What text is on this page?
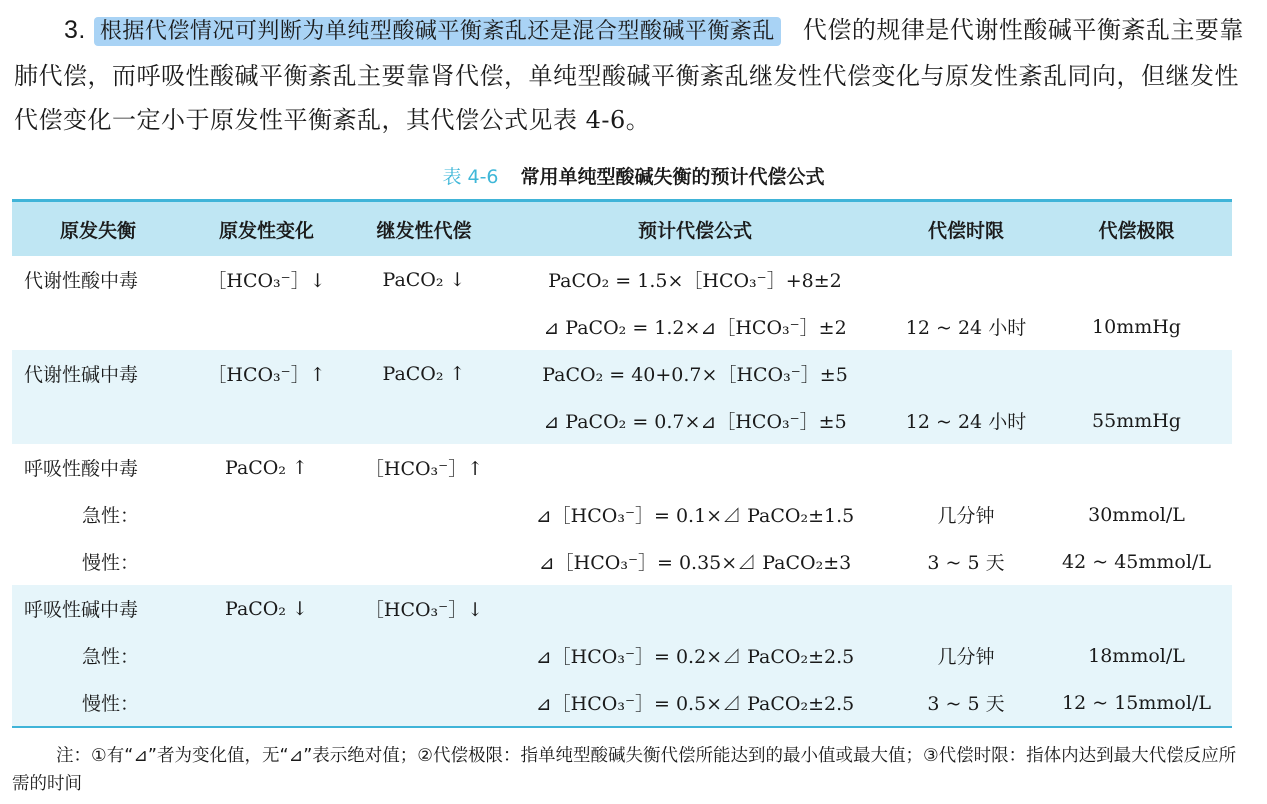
3. 根据代偿情况可判断为单纯型酸碱平衡紊乱还是混合型酸碱平衡紊乱 代偿的规律是代谢性酸碱平衡紊乱主要靠肺代偿，而呼吸性酸碱平衡紊乱主要靠肾代偿，单纯型酸碱平衡紊乱继发性代偿变化与原发性紊乱同向，但继发性代偿变化一定小于原发性平衡紊乱，其代偿公式见表 4-6。
表 4-6 常用单纯型酸碱失衡的预计代偿公式
原发失衡	原发性变化	继发性代偿	预计代偿公式	代偿时限	代偿极限
代谢性酸中毒	［HCO₃⁻］↓	PaCO₂ ↓	PaCO₂ = 1.5×［HCO₃⁻］+8±2		
			⊿ PaCO₂ = 1.2×⊿［HCO₃⁻］±2	12 ~ 24 小时	10mmHg
代谢性碱中毒	［HCO₃⁻］↑	PaCO₂ ↑	PaCO₂ = 40+0.7×［HCO₃⁻］±5		
			⊿ PaCO₂ = 0.7×⊿［HCO₃⁻］±5	12 ~ 24 小时	55mmHg
呼吸性酸中毒	PaCO₂ ↑	［HCO₃⁻］↑			
急性：			⊿［HCO₃⁻］= 0.1×⊿ PaCO₂±1.5	几分钟	30mmol/L
慢性：			⊿［HCO₃⁻］= 0.35×⊿ PaCO₂±3	3 ~ 5 天	42 ~ 45mmol/L
呼吸性碱中毒	PaCO₂ ↓	［HCO₃⁻］↓			
急性：			⊿［HCO₃⁻］= 0.2×⊿ PaCO₂±2.5	几分钟	18mmol/L
慢性：			⊿［HCO₃⁻］= 0.5×⊿ PaCO₂±2.5	3 ~ 5 天	12 ~ 15mmol/L
注：①有“⊿”者为变化值，无“⊿”表示绝对值；②代偿极限：指单纯型酸碱失衡代偿所能达到的最小值或最大值；③代偿时限：指体内达到最大代偿反应所需的时间
